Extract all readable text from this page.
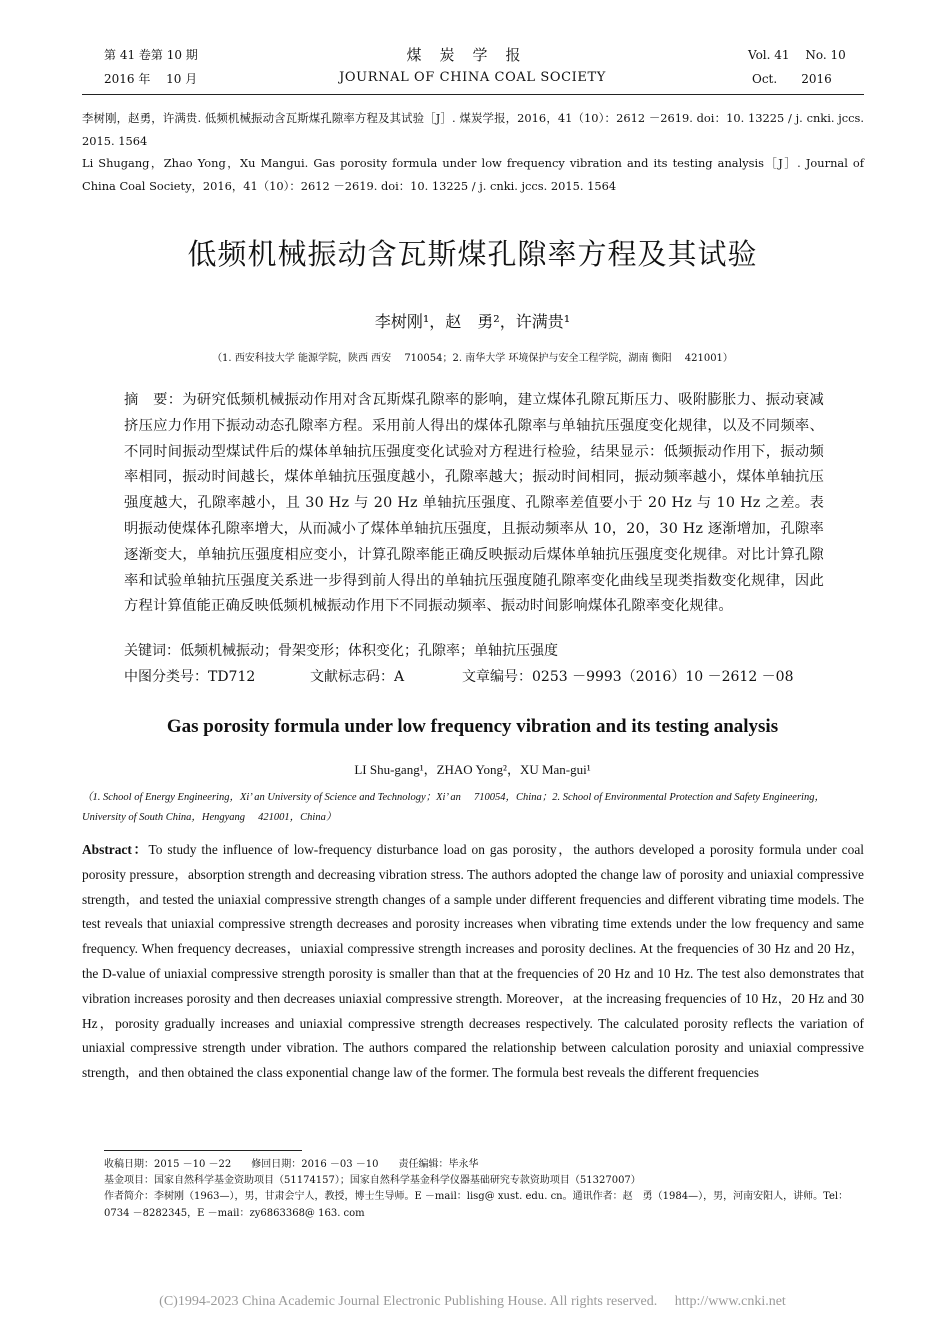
第 41 卷第 10 期
2016 年　 10 月
煤炭学报
JOURNAL OF CHINA COAL SOCIETY
Vol. 41　 No. 10
Oct.　　2016

李树刚，赵勇，许满贵. 低频机械振动含瓦斯煤孔隙率方程及其试验［J］. 煤炭学报，2016，41（10）：2612 －2619. doi：10. 13225 / j. cnki. jccs. 2015. 1564

Li Shugang，Zhao Yong，Xu Mangui. Gas porosity formula under low frequency vibration and its testing analysis［J］. Journal of China Coal Society，2016，41（10）：2612 －2619. doi：10. 13225 / j. cnki. jccs. 2015. 1564

低频机械振动含瓦斯煤孔隙率方程及其试验
李树刚¹，赵　勇²，许满贵¹
（1. 西安科技大学 能源学院，陕西 西安　 710054；2. 南华大学 环境保护与安全工程学院，湖南 衡阳　 421001）

摘　要：为研究低频机械振动作用对含瓦斯煤孔隙率的影响，建立煤体孔隙瓦斯压力、吸附膨胀力、振动衰减挤压应力作用下振动动态孔隙率方程。采用前人得出的煤体孔隙率与单轴抗压强度变化规律，以及不同频率、不同时间振动型煤试件后的煤体单轴抗压强度变化试验对方程进行检验，结果显示：低频振动作用下，振动频率相同，振动时间越长，煤体单轴抗压强度越小，孔隙率越大；振动时间相同，振动频率越小，煤体单轴抗压强度越大，孔隙率越小，且 30 Hz 与 20 Hz 单轴抗压强度、孔隙率差值要小于 20 Hz 与 10 Hz 之差。表明振动使煤体孔隙率增大，从而减小了煤体单轴抗压强度，且振动频率从 10，20，30 Hz 逐渐增加，孔隙率逐渐变大，单轴抗压强度相应变小，计算孔隙率能正确反映振动后煤体单轴抗压强度变化规律。对比计算孔隙率和试验单轴抗压强度关系进一步得到前人得出的单轴抗压强度随孔隙率变化曲线呈现类指数变化规律，因此方程计算值能正确反映低频机械振动作用下不同振动频率、振动时间影响煤体孔隙率变化规律。

关键词：低频机械振动；骨架变形；体积变化；孔隙率；单轴抗压强度
中图分类号：TD712	文献标志码：A	文章编号：0253 －9993（2016）10 －2612 －08
Gas porosity formula under low frequency vibration and its testing analysis
LI Shu-gang¹，ZHAO Yong²，XU Man-gui¹

（1. School of Energy Engineering，Xi’ an University of Science and Technology；Xi’ an　 710054，China；2. School of Environmental Protection and Safety Engineering，University of South China，Hengyang　 421001，China）

Abstract：To study the influence of low-frequency disturbance load on gas porosity，the authors developed a porosity formula under coal porosity pressure，absorption strength and decreasing vibration stress. The authors adopted the change law of porosity and uniaxial compressive strength，and tested the uniaxial compressive strength changes of a sample under different frequencies and different vibrating time models. The test reveals that uniaxial compressive strength decreases and porosity increases when vibrating time extends under the low frequency and same frequency. When frequency decreases，uniaxial compressive strength increases and porosity declines. At the frequencies of 30 Hz and 20 Hz，the D-value of uniaxial compressive strength porosity is smaller than that at the frequencies of 20 Hz and 10 Hz. The test also demonstrates that vibration increases porosity and then decreases uniaxial compressive strength. Moreover，at the increasing frequencies of 10 Hz，20 Hz and 30 Hz，porosity gradually increases and uniaxial compressive strength decreases respectively. The calculated porosity reflects the variation of uniaxial compressive strength under vibration. The authors compared the relationship between calculation porosity and uniaxial compressive strength，and then obtained the class exponential change law of the former. The formula best reveals the different frequencies

收稿日期：2015 －10 －22 修回日期：2016 －03 －10 责任编辑：毕永华
基金项目：国家自然科学基金资助项目（51174157）；国家自然科学基金科学仪器基础研究专款资助项目（51327007）
作者简介：李树刚（1963—），男，甘肃会宁人，教授，博士生导师。E －mail：lisg@ xust. edu. cn。通讯作者：赵　勇（1984—），男，河南安阳人，讲师。Tel：0734 －8282345，E －mail：zy6863368@ 163. com
(C)1994-2023 China Academic Journal Electronic Publishing House. All rights reserved.　 http://www.cnki.net
